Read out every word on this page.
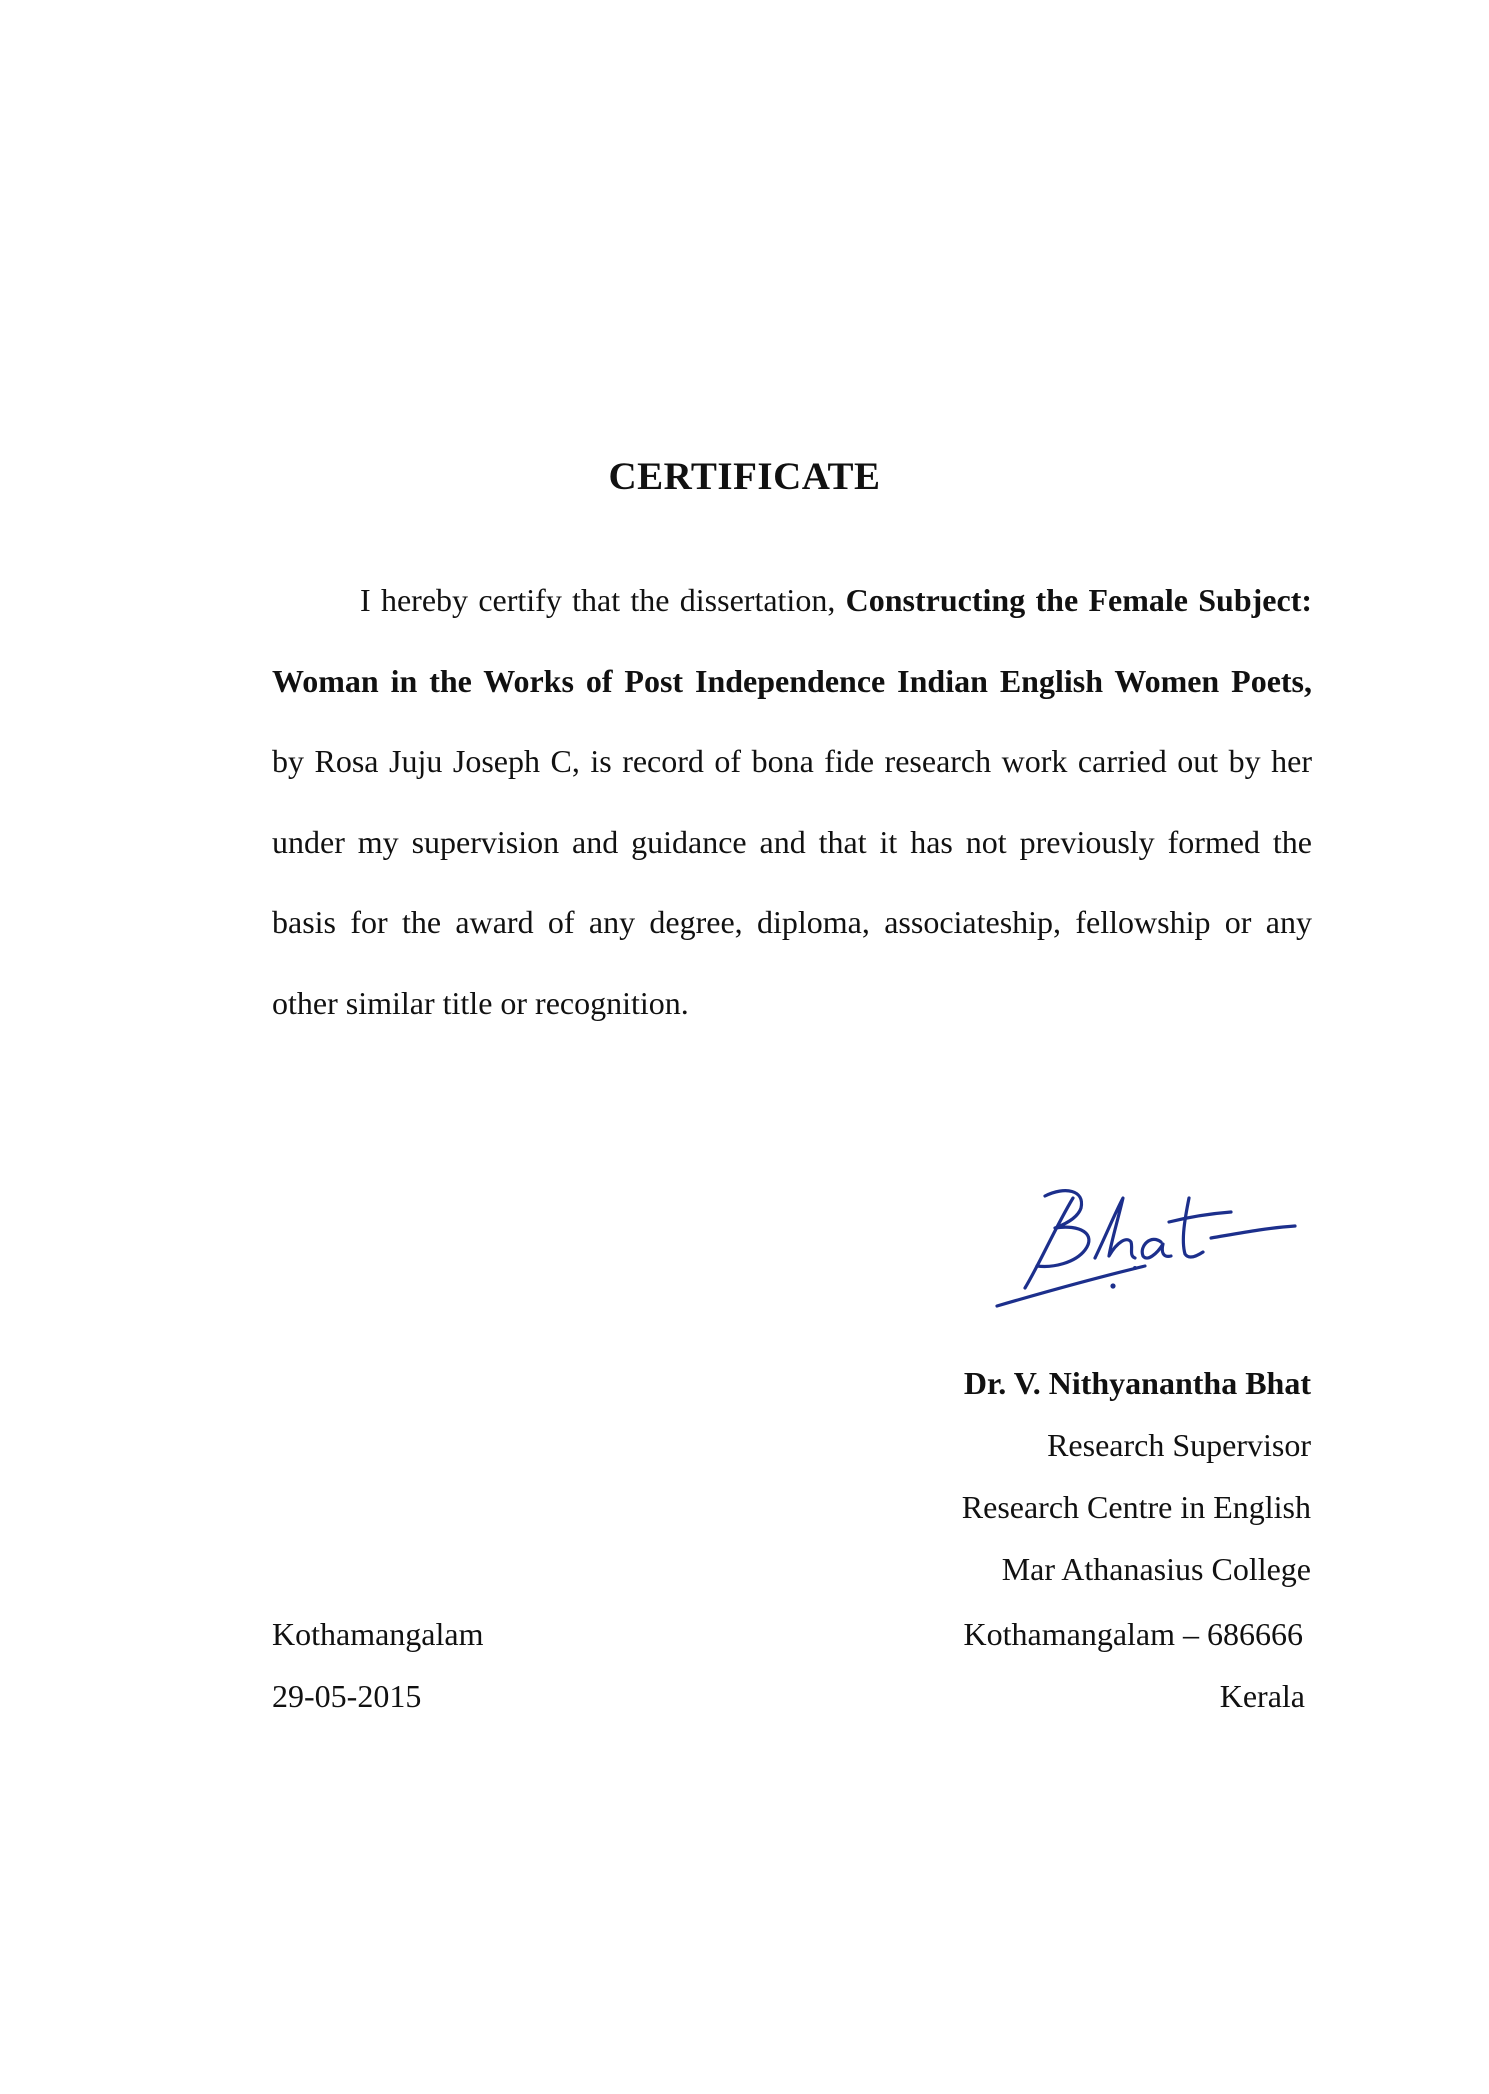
CERTIFICATE

I hereby certify that the dissertation, Constructing the Female Subject: Woman in the Works of Post Independence Indian English Women Poets, by Rosa Juju Joseph C, is record of bona fide research work carried out by her under my supervision and guidance and that it has not previously formed the basis for the award of any degree, diploma, associateship, fellowship or any other similar title or recognition.

Dr. V. Nithyanantha Bhat
Research Supervisor
Research Centre in English
Mar Athanasius College
Kothamangalam
29-05-2015
Kothamangalam – 686666
Kerala
